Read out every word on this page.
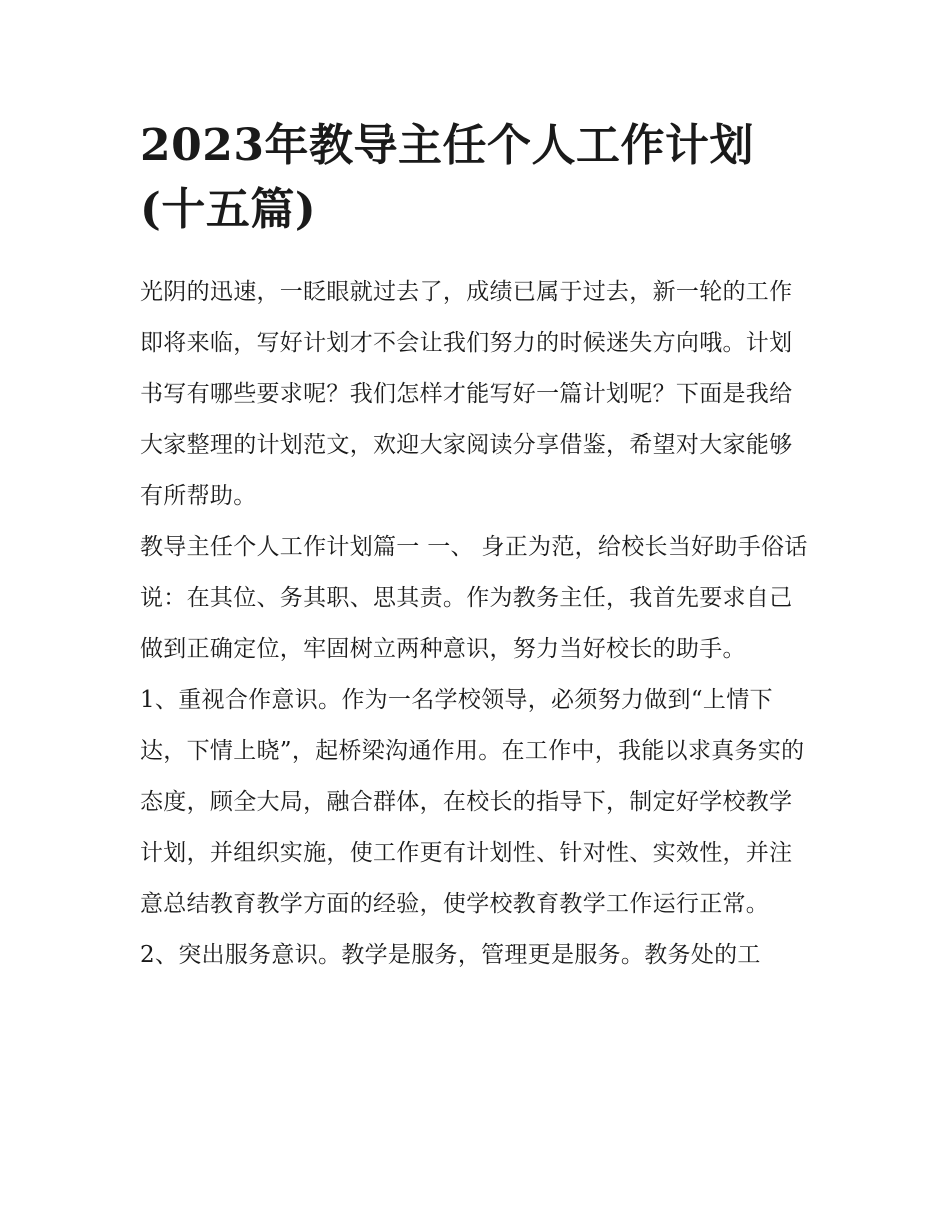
2023年教导主任个人工作计划
(十五篇)

光阴的迅速，一眨眼就过去了，成绩已属于过去，新一轮的工作即将来临，写好计划才不会让我们努力的时候迷失方向哦。计划书写有哪些要求呢？我们怎样才能写好一篇计划呢？下面是我给大家整理的计划范文，欢迎大家阅读分享借鉴，希望对大家能够有所帮助。

教导主任个人工作计划篇一 一、 身正为范，给校长当好助手俗话说：在其位、务其职、思其责。作为教务主任，我首先要求自己做到正确定位，牢固树立两种意识，努力当好校长的助手。

1、重视合作意识。作为一名学校领导，必须努力做到“上情下达，下情上晓”，起桥梁沟通作用。在工作中，我能以求真务实的态度，顾全大局，融合群体，在校长的指导下，制定好学校教学计划，并组织实施，使工作更有计划性、针对性、实效性，并注意总结教育教学方面的经验，使学校教育教学工作运行正常。

2、突出服务意识。教学是服务，管理更是服务。教务处的工
